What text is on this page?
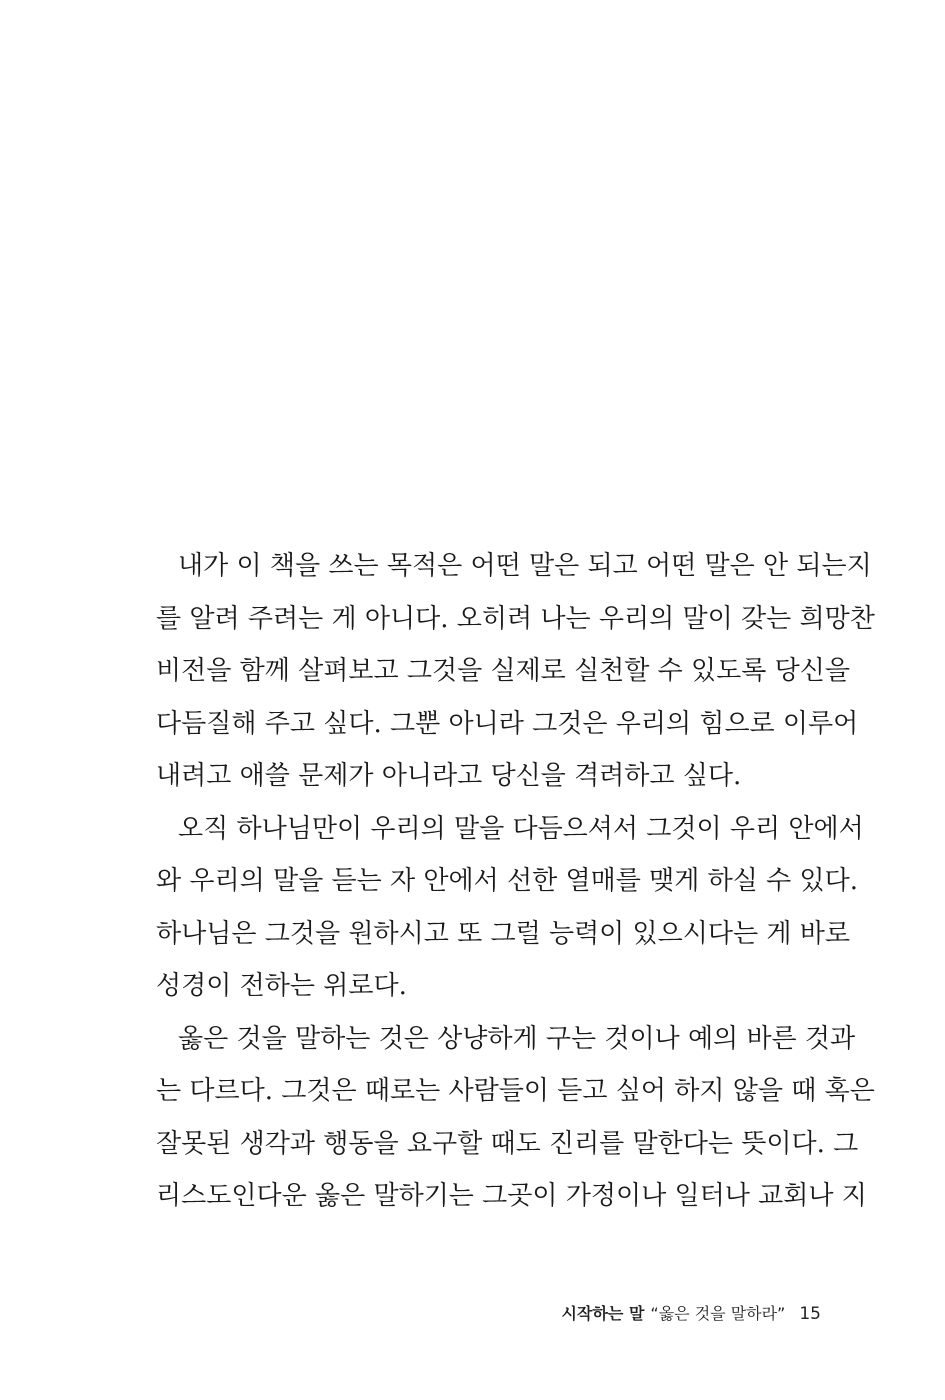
내가 이 책을 쓰는 목적은 어떤 말은 되고 어떤 말은 안 되는지
를 알려 주려는 게 아니다. 오히려 나는 우리의 말이 갖는 희망찬
비전을 함께 살펴보고 그것을 실제로 실천할 수 있도록 당신을
다듬질해 주고 싶다. 그뿐 아니라 그것은 우리의 힘으로 이루어
내려고 애쓸 문제가 아니라고 당신을 격려하고 싶다.
오직 하나님만이 우리의 말을 다듬으셔서 그것이 우리 안에서
와 우리의 말을 듣는 자 안에서 선한 열매를 맺게 하실 수 있다.
하나님은 그것을 원하시고 또 그럴 능력이 있으시다는 게 바로
성경이 전하는 위로다.
옳은 것을 말하는 것은 상냥하게 구는 것이나 예의 바른 것과
는 다르다. 그것은 때로는 사람들이 듣고 싶어 하지 않을 때 혹은
잘못된 생각과 행동을 요구할 때도 진리를 말한다는 뜻이다. 그
리스도인다운 옳은 말하기는 그곳이 가정이나 일터나 교회나 지
시작하는 말 “옳은 것을 말하라” 15
